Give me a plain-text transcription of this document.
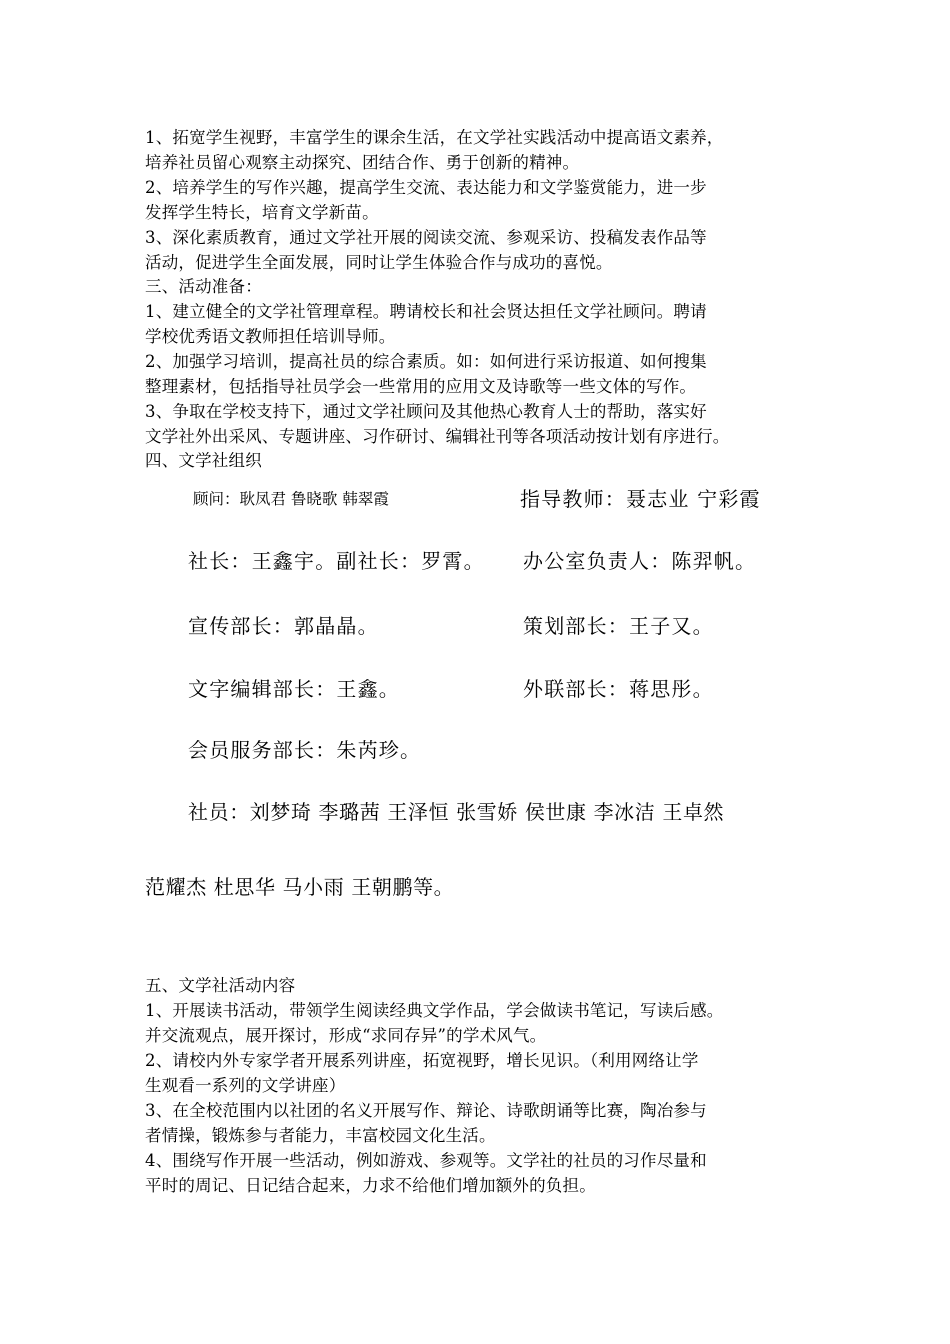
1、拓宽学生视野，丰富学生的课余生活，在文学社实践活动中提高语文素养，
培养社员留心观察主动探究、团结合作、勇于创新的精神。
2、培养学生的写作兴趣，提高学生交流、表达能力和文学鉴赏能力，进一步
发挥学生特长，培育文学新苗。
3、深化素质教育，通过文学社开展的阅读交流、参观采访、投稿发表作品等
活动，促进学生全面发展，同时让学生体验合作与成功的喜悦。
三、活动准备：
1、建立健全的文学社管理章程。聘请校长和社会贤达担任文学社顾问。聘请
学校优秀语文教师担任培训导师。
2、加强学习培训，提高社员的综合素质。如：如何进行采访报道、如何搜集
整理素材，包括指导社员学会一些常用的应用文及诗歌等一些文体的写作。
3、争取在学校支持下，通过文学社顾问及其他热心教育人士的帮助，落实好
文学社外出采风、专题讲座、习作研讨、编辑社刊等各项活动按计划有序进行。
四、文学社组织
顾问：耿凤君 鲁晓歌 韩翠霞	指导教师：聂志业 宁彩霞
社长：王鑫宇。副社长：罗霄。 办公室负责人：陈羿帆。
宣传部长：郭晶晶。	策划部长：王子又。
文字编辑部长：王鑫。	外联部长：蒋思彤。
会员服务部长：朱芮珍。
社员：刘梦琦 李璐茜 王泽恒 张雪娇 侯世康 李冰洁 王卓然
范耀杰 杜思华 马小雨 王朝鹏等。
五、文学社活动内容
1、开展读书活动，带领学生阅读经典文学作品，学会做读书笔记，写读后感。
并交流观点，展开探讨，形成“求同存异”的学术风气。
2、请校内外专家学者开展系列讲座，拓宽视野，增长见识。（利用网络让学
生观看一系列的文学讲座）
3、在全校范围内以社团的名义开展写作、辩论、诗歌朗诵等比赛，陶冶参与
者情操，锻炼参与者能力，丰富校园文化生活。
4、围绕写作开展一些活动，例如游戏、参观等。文学社的社员的习作尽量和
平时的周记、日记结合起来，力求不给他们增加额外的负担。
